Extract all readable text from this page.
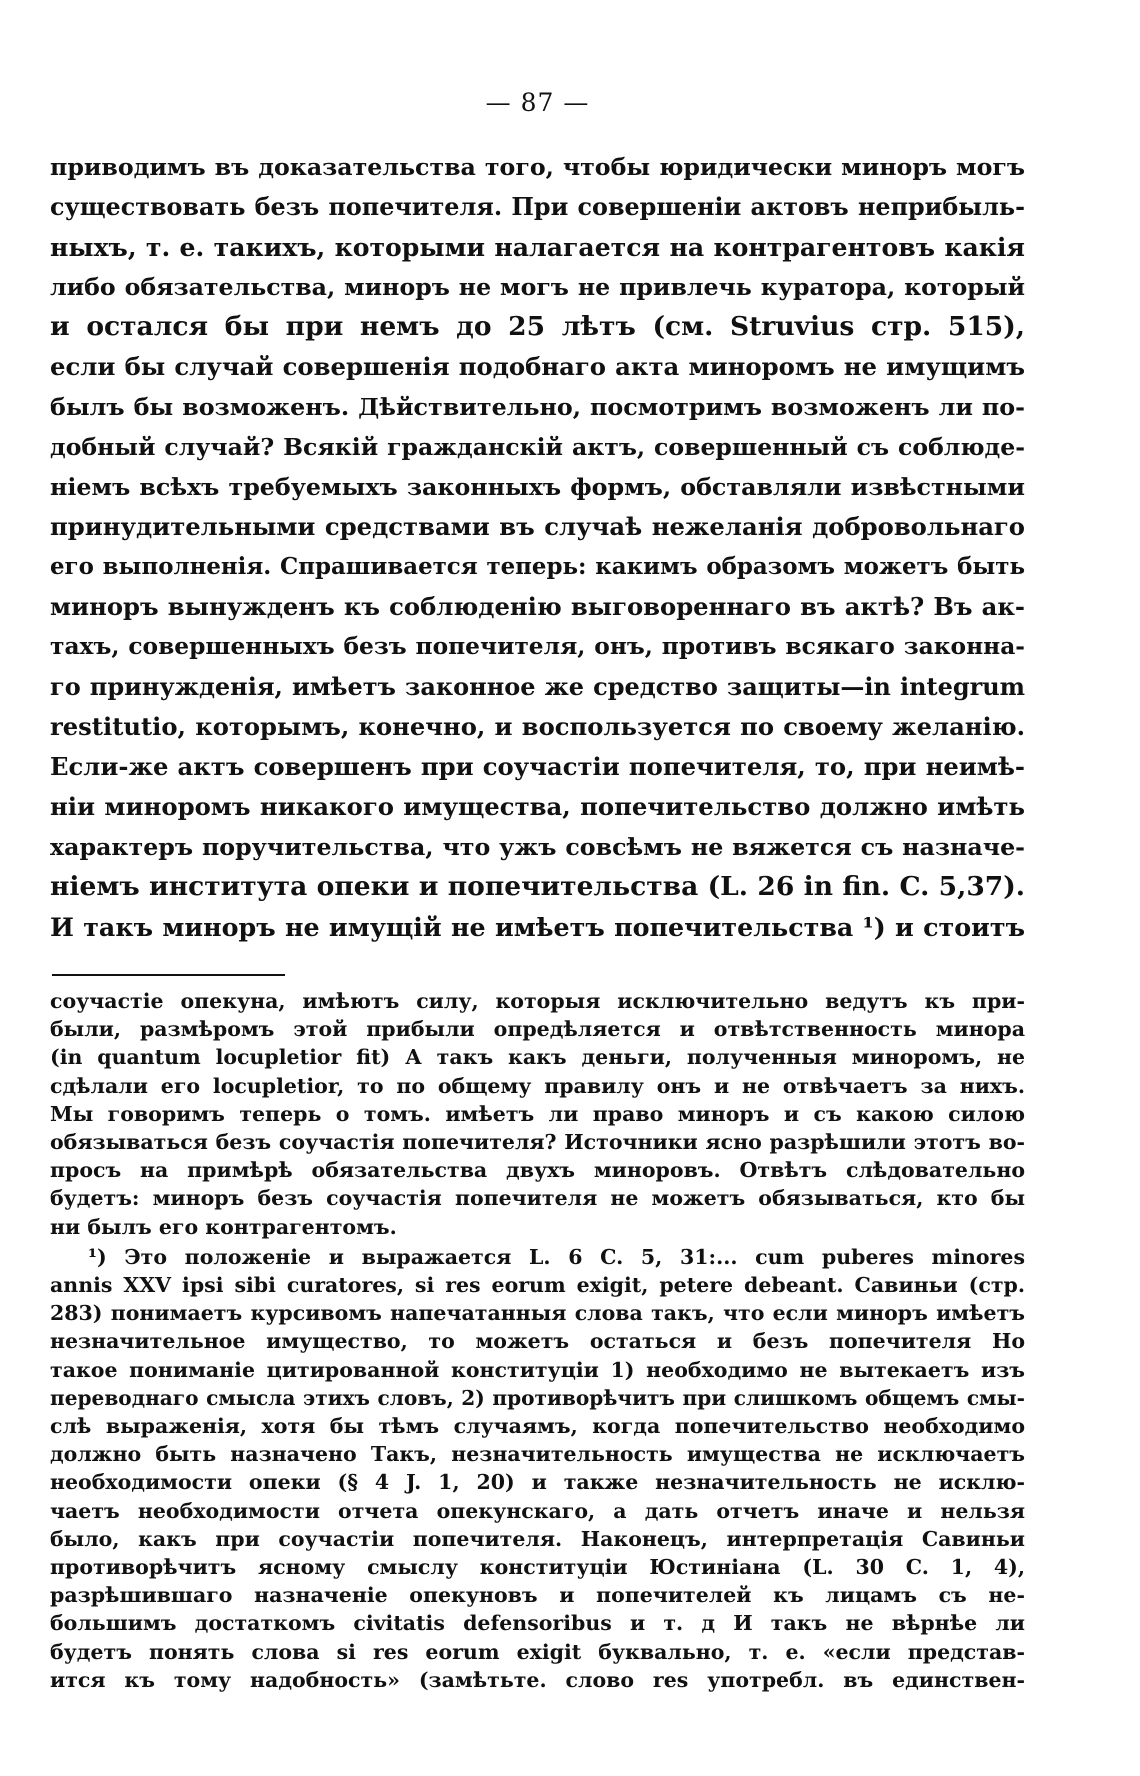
— 87 —
приводимъ въ доказательства того, чтобы юридически миноръ могъ
существовать безъ попечителя. При совершеніи актовъ неприбыль-
ныхъ, т. е. такихъ, которыми налагается на контрагентовъ какія
либо обязательства, миноръ не могъ не привлечь куратора, который
и остался бы при немъ до 25 лѣтъ (см. Struvius стр. 515),
если бы случай совершенія подобнаго акта миноромъ не имущимъ
былъ бы возможенъ. Дѣйствительно, посмотримъ возможенъ ли по-
добный случай? Всякій гражданскій актъ, совершенный съ соблюде-
ніемъ всѣхъ требуемыхъ законныхъ формъ, обставляли извѣстными
принудительными средствами въ случаѣ нежеланія добровольнаго
его выполненія. Спрашивается теперь: какимъ образомъ можетъ быть
миноръ вынужденъ къ соблюденію выговореннаго въ актѣ? Въ ак-
тахъ, совершенныхъ безъ попечителя, онъ, противъ всякаго законна-
го принужденія, имѣетъ законное же средство защиты—in integrum
restitutio, которымъ, конечно, и воспользуется по своему желанію.
Если-же актъ совершенъ при соучастіи попечителя, то, при неимѣ-
ніи миноромъ никакого имущества, попечительство должно имѣть
характеръ поручительства, что ужъ совсѣмъ не вяжется съ назначе-
ніемъ института опеки и попечительства (L. 26 in fin. C. 5,37).
И такъ миноръ не имущій не имѣетъ попечительства ¹) и стоитъ
соучастіе опекуна, имѣютъ силу, которыя исключительно ведутъ къ при-
были, размѣромъ этой прибыли опредѣляется и отвѣтственность минора
(in quantum locupletior fit) А такъ какъ деньги, полученныя миноромъ, не
сдѣлали его locupletior, то по общему правилу онъ и не отвѣчаетъ за нихъ.
Мы говоримъ теперь о томъ. имѣетъ ли право миноръ и съ какою силою
обязываться безъ соучастія попечителя? Источники ясно разрѣшили этотъ во-
просъ на примѣрѣ обязательства двухъ миноровъ. Отвѣтъ слѣдовательно
будетъ: миноръ безъ соучастія попечителя не можетъ обязываться, кто бы
ни былъ его контрагентомъ.
¹) Это положеніе и выражается L. 6 C. 5, 31:... cum puberes minores
annis XXV ipsi sibi curatores, si res eorum exigit, petere debeant. Савиньи (стр.
283) понимаетъ курсивомъ напечатанныя слова такъ, что если миноръ имѣетъ
незначительное имущество, то можетъ остаться и безъ попечителя Но
такое пониманіе цитированной конституціи 1) необходимо не вытекаетъ изъ
переводнаго смысла этихъ словъ, 2) противорѣчитъ при слишкомъ общемъ смы-
слѣ выраженія, хотя бы тѣмъ случаямъ, когда попечительство необходимо
должно быть назначено Такъ, незначительность имущества не исключаетъ
необходимости опеки (§ 4 J. 1, 20) и также незначительность не исклю-
чаетъ необходимости отчета опекунскаго, а дать отчетъ иначе и нельзя
было, какъ при соучастіи попечителя. Наконецъ, интерпретація Савиньи
противорѣчитъ ясному смыслу конституціи Юстиніана (L. 30 C. 1, 4),
разрѣшившаго назначеніе опекуновъ и попечителей къ лицамъ съ не-
большимъ достаткомъ civitatis defensoribus и т. д И такъ не вѣрнѣе ли
будетъ понять слова si res eorum exigit буквально, т. е. «если представ-
ится къ тому надобность» (замѣтьте. слово res употребл. въ единствен-
